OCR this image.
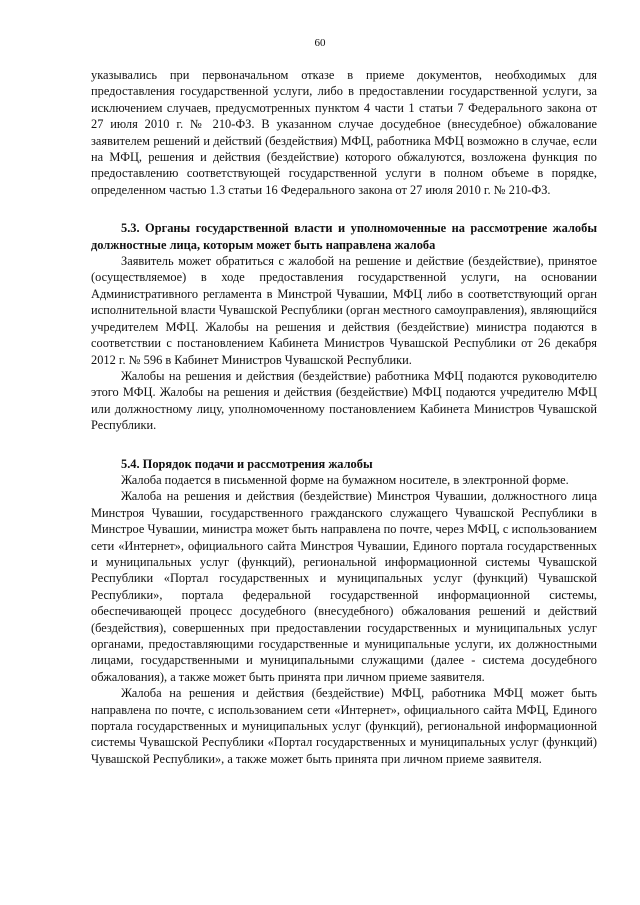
60

указывались при первоначальном отказе в приеме документов, необходимых для предоставления государственной услуги, либо в предоставлении государственной услуги, за исключением случаев, предусмотренных пунктом 4 части 1 статьи 7 Федерального закона от 27 июля 2010 г. № 210-ФЗ. В указанном случае досудебное (внесудебное) обжалование заявителем решений и действий (бездействия) МФЦ, работника МФЦ возможно в случае, если на МФЦ, решения и действия (бездействие) которого обжалуются, возложена функция по предоставлению соответствующей государственной услуги в полном объеме в порядке, определенном частью 1.3 статьи 16 Федерального закона от 27 июля 2010 г. № 210-ФЗ.

5.3. Органы государственной власти и уполномоченные на рассмотрение жалобы должностные лица, которым может быть направлена жалоба

Заявитель может обратиться с жалобой на решение и действие (бездействие), принятое (осуществляемое) в ходе предоставления государственной услуги, на основании Административного регламента в Минстрой Чувашии, МФЦ либо в соответствующий орган исполнительной власти Чувашской Республики (орган местного самоуправления), являющийся учредителем МФЦ. Жалобы на решения и действия (бездействие) министра подаются в соответствии с постановлением Кабинета Министров Чувашской Республики от 26 декабря 2012 г. № 596 в Кабинет Министров Чувашской Республики.

Жалобы на решения и действия (бездействие) работника МФЦ подаются руководителю этого МФЦ. Жалобы на решения и действия (бездействие) МФЦ подаются учредителю МФЦ или должностному лицу, уполномоченному постановлением Кабинета Министров Чувашской Республики.

5.4. Порядок подачи и рассмотрения жалобы

Жалоба подается в письменной форме на бумажном носителе, в электронной форме.

Жалоба на решения и действия (бездействие) Минстроя Чувашии, должностного лица Минстроя Чувашии, государственного гражданского служащего Чувашской Республики в Минстрое Чувашии, министра может быть направлена по почте, через МФЦ, с использованием сети «Интернет», официального сайта Минстроя Чувашии, Единого портала государственных и муниципальных услуг (функций), региональной информационной системы Чувашской Республики «Портал государственных и муниципальных услуг (функций) Чувашской Республики», портала федеральной государственной информационной системы, обеспечивающей процесс досудебного (внесудебного) обжалования решений и действий (бездействия), совершенных при предоставлении государственных и муниципальных услуг органами, предоставляющими государственные и муниципальные услуги, их должностными лицами, государственными и муниципальными служащими (далее - система досудебного обжалования), а также может быть принята при личном приеме заявителя.

Жалоба на решения и действия (бездействие) МФЦ, работника МФЦ может быть направлена по почте, с использованием сети «Интернет», официального сайта МФЦ, Единого портала государственных и муниципальных услуг (функций), региональной информационной системы Чувашской Республики «Портал государственных и муниципальных услуг (функций) Чувашской Республики», а также может быть принята при личном приеме заявителя.
